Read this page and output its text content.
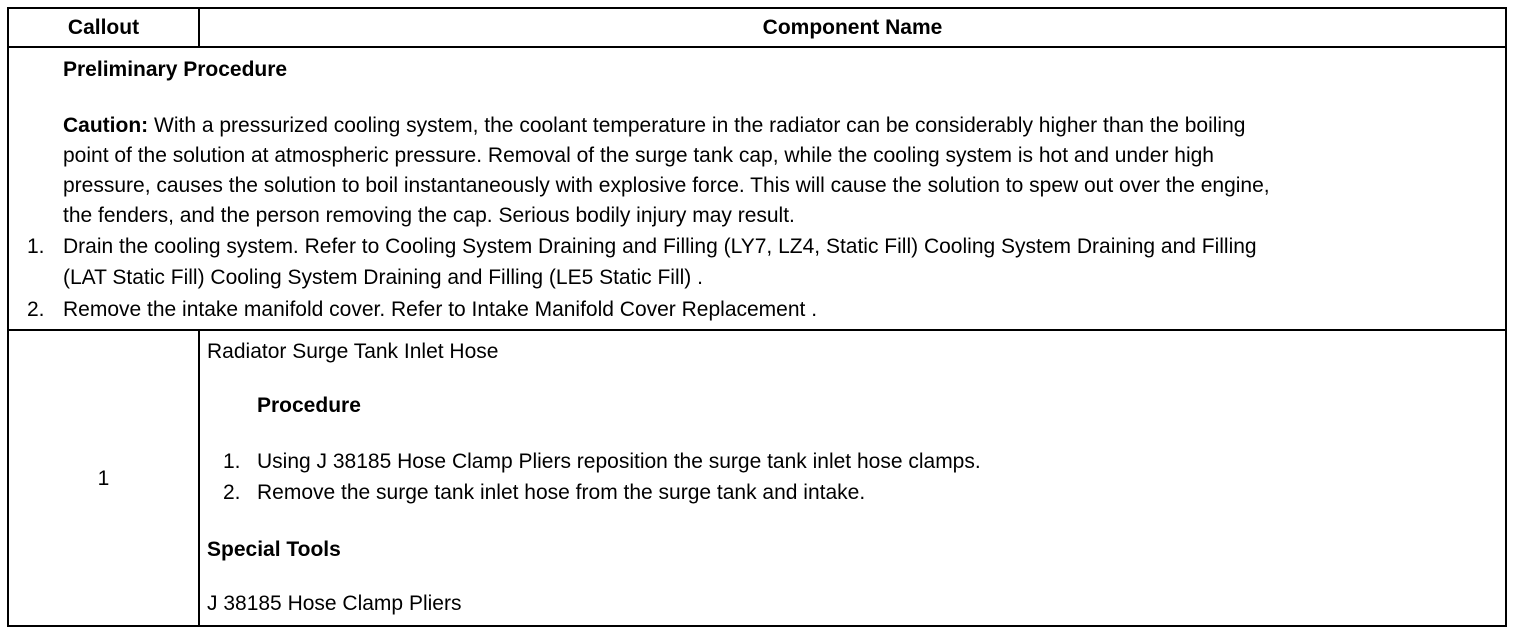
Callout	Component Name
Preliminary Procedure
Caution: With a pressurized cooling system, the coolant temperature in the radiator can be considerably higher than the boiling
point of the solution at atmospheric pressure. Removal of the surge tank cap, while the cooling system is hot and under high
pressure, causes the solution to boil instantaneously with explosive force. This will cause the solution to spew out over the engine,
the fenders, and the person removing the cap. Serious bodily injury may result.
1. Drain the cooling system. Refer to Cooling System Draining and Filling (LY7, LZ4, Static Fill) Cooling System Draining and Filling
(LAT Static Fill) Cooling System Draining and Filling (LE5 Static Fill) .
2. Remove the intake manifold cover. Refer to Intake Manifold Cover Replacement .
1
Radiator Surge Tank Inlet Hose
Procedure
1. Using J 38185 Hose Clamp Pliers reposition the surge tank inlet hose clamps.
2. Remove the surge tank inlet hose from the surge tank and intake.
Special Tools
J 38185 Hose Clamp Pliers
